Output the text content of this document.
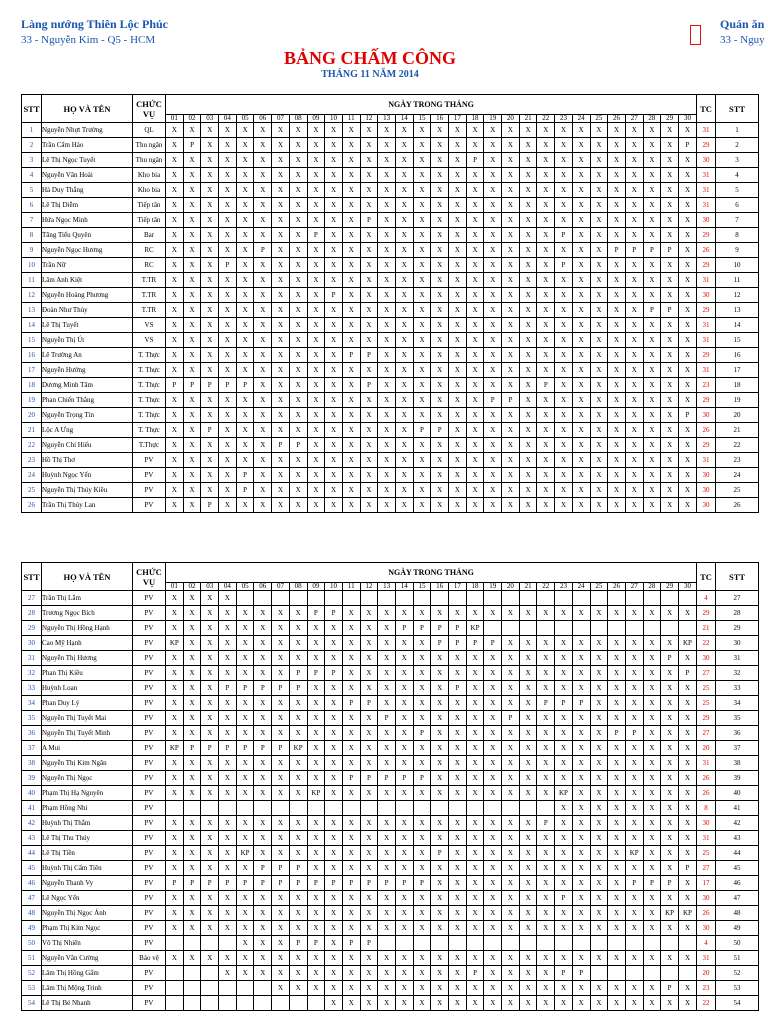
Làng nướng Thiên Lộc Phúc
33 - Nguyễn Kim - Q5 - HCM
Quán ăn
33 - Nguy
BẢNG CHẤM CÔNG
THÁNG 11 NĂM 2014
STT	HỌ VÀ TÊN	CHỨC
VỤ	NGÀY TRONG THÁNG																														TC	STT
			01	02	03	04	05	06	07	08	09	10	11	12	13	14	15	16	17	18	19	20	21	22	23	24	25	26	27	28	29	30		
1	Nguyễn Nhựt Trường	QL	X	X	X	X	X	X	X	X	X	X	X	X	X	X	X	X	X	X	X	X	X	X	X	X	X	X	X	X	X	X	31	1
2	Trần Cẩm Hảo	Thu ngân	X	P	X	X	X	X	X	X	X	X	X	X	X	X	X	X	X	X	X	X	X	X	X	X	X	X	X	X	X	P	29	2
3	Lê Thị Ngọc Tuyết	Thu ngân	X	X	X	X	X	X	X	X	X	X	X	X	X	X	X	X	X	P	X	X	X	X	X	X	X	X	X	X	X	X	30	3
4	Nguyễn Văn Hoài	Kho bia	X	X	X	X	X	X	X	X	X	X	X	X	X	X	X	X	X	X	X	X	X	X	X	X	X	X	X	X	X	X	31	4
5	Hà Duy Thắng	Kho bia	X	X	X	X	X	X	X	X	X	X	X	X	X	X	X	X	X	X	X	X	X	X	X	X	X	X	X	X	X	X	31	5
6	Lê Thị Diễm	Tiếp tân	X	X	X	X	X	X	X	X	X	X	X	X	X	X	X	X	X	X	X	X	X	X	X	X	X	X	X	X	X	X	31	6
7	Hứa Ngọc Minh	Tiếp tân	X	X	X	X	X	X	X	X	X	X	X	P	X	X	X	X	X	X	X	X	X	X	X	X	X	X	X	X	X	X	30	7
8	Tăng Tiểu Quyên	Bar	X	X	X	X	X	X	X	X	P	X	X	X	X	X	X	X	X	X	X	X	X	X	P	X	X	X	X	X	X	X	29	8
9	Nguyễn Ngọc Hương	RC	X	X	X	X	X	P	X	X	X	X	X	X	X	X	X	X	X	X	X	X	X	X	X	X	X	P	P	P	P	X	26	9
10	Trần Nữ	RC	X	X	X	P	X	X	X	X	X	X	X	X	X	X	X	X	X	X	X	X	X	X	P	X	X	X	X	X	X	X	29	10
11	Lâm Anh Kiệt	T.TR	X	X	X	X	X	X	X	X	X	X	X	X	X	X	X	X	X	X	X	X	X	X	X	X	X	X	X	X	X	X	31	11
12	Nguyễn Hoàng Phương	T.TR	X	X	X	X	X	X	X	X	X	P	X	X	X	X	X	X	X	X	X	X	X	X	X	X	X	X	X	X	X	X	30	12
13	Đoàn Như Thủy	T.TR	X	X	X	X	X	X	X	X	X	X	X	X	X	X	X	X	X	X	X	X	X	X	X	X	X	X	X	P	P	X	29	13
14	Lê Thị Tuyết	VS	X	X	X	X	X	X	X	X	X	X	X	X	X	X	X	X	X	X	X	X	X	X	X	X	X	X	X	X	X	X	31	14
15	Nguyễn Thị Út	VS	X	X	X	X	X	X	X	X	X	X	X	X	X	X	X	X	X	X	X	X	X	X	X	X	X	X	X	X	X	X	31	15
16	Lê Trường An	T. Thực	X	X	X	X	X	X	X	X	X	X	P	P	X	X	X	X	X	X	X	X	X	X	X	X	X	X	X	X	X	X	29	16
17	Nguyễn Hướng	T. Thực	X	X	X	X	X	X	X	X	X	X	X	X	X	X	X	X	X	X	X	X	X	X	X	X	X	X	X	X	X	X	31	17
18	Dương Minh Tâm	T. Thực	P	P	P	P	P	X	X	X	X	X	X	P	X	X	X	X	X	X	X	X	X	P	X	X	X	X	X	X	X	X	23	18
19	Phan Chiến Thắng	T. Thực	X	X	X	X	X	X	X	X	X	X	X	X	X	X	X	X	X	X	P	P	X	X	X	X	X	X	X	X	X	X	29	19
20	Nguyễn Trọng Tín	T. Thực	X	X	X	X	X	X	X	X	X	X	X	X	X	X	X	X	X	X	X	X	X	X	X	X	X	X	X	X	X	P	30	20
21	Lộc A Ưng	T. Thực	X	X	P	X	X	X	X	X	X	X	X	X	X	X	P	P	X	X	X	X	X	X	X	X	X	X	X	X	X	X	26	21
22	Nguyễn Chí Hiếu	T.Thực	X	X	X	X	X	X	P	P	X	X	X	X	X	X	X	X	X	X	X	X	X	X	X	X	X	X	X	X	X	X	29	22
23	Hồ Thị Thơ	PV	X	X	X	X	X	X	X	X	X	X	X	X	X	X	X	X	X	X	X	X	X	X	X	X	X	X	X	X	X	X	31	23
24	Huỳnh Ngọc Yến	PV	X	X	X	X	P	X	X	X	X	X	X	X	X	X	X	X	X	X	X	X	X	X	X	X	X	X	X	X	X	X	30	24
25	Nguyễn Thị Thúy Kiều	PV	X	X	X	X	P	X	X	X	X	X	X	X	X	X	X	X	X	X	X	X	X	X	X	X	X	X	X	X	X	X	30	25
26	Trần Thị Thúy Lan	PV	X	X	P	X	X	X	X	X	X	X	X	X	X	X	X	X	X	X	X	X	X	X	X	X	X	X	X	X	X	X	30	26
STT	HỌ VÀ TÊN	CHỨC
VỤ	NGÀY TRONG THÁNG																														TC	STT
			01	02	03	04	05	06	07	08	09	10	11	12	13	14	15	16	17	18	19	20	21	22	23	24	25	26	27	28	29	30		
27	Trần Thị Lắm	PV	X	X	X	X																											4	27
28	Trương Ngọc Bích	PV	X	X	X	X	X	X	X	X	P	P	X	X	X	X	X	X	X	X	X	X	X	X	X	X	X	X	X	X	X	X	29	28
29	Nguyễn Thị Hồng Hạnh	PV	X	X	X	X	X	X	X	X	X	X	X	X	X	P	P	P	P	KP													21	29
30	Cao Mỹ Hạnh	PV	KP	X	X	X	X	X	X	X	X	X	X	X	X	X	X	P	P	P	P	X	X	X	X	X	X	X	X	X	X	KP	22	30
31	Nguyễn Thị Hương	PV	X	X	X	X	X	X	X	X	X	X	X	X	X	X	X	X	X	X	X	X	X	X	X	X	X	X	X	X	P	X	30	31
32	Phan Thị Kiều	PV	X	X	X	X	X	X	X	P	P	P	X	X	X	X	X	X	X	X	X	X	X	X	X	X	X	X	X	X	X	P	27	32
33	Huỳnh Loan	PV	X	X	X	P	P	P	P	P	X	X	X	X	X	X	X	X	P	X	X	X	X	X	X	X	X	X	X	X	X	X	25	33
34	Phan Duy Lý	PV	X	X	X	X	X	X	X	X	X	X	P	P	X	X	X	X	X	X	X	X	X	P	P	P	X	X	X	X	X	X	25	34
35	Nguyễn Thị Tuyết Mai	PV	X	X	X	X	X	X	X	X	X	X	X	X	P	X	X	X	X	X	X	P	X	X	X	X	X	X	X	X	X	X	29	35
36	Nguyễn Thị Tuyết Minh	PV	X	X	X	X	X	X	X	X	X	X	X	X	X	X	P	X	X	X	X	X	X	X	X	X	X	P	P	X	X	X	27	36
37	A Mui	PV	KP	P	P	P	P	P	P	KP	X	X	X	X	X	X	X	X	X	X	X	X	X	X	X	X	X	X	X	X	X	X	20	37
38	Nguyễn Thị Kim Ngân	PV	X	X	X	X	X	X	X	X	X	X	X	X	X	X	X	X	X	X	X	X	X	X	X	X	X	X	X	X	X	X	31	38
39	Nguyễn Thị Ngọc	PV	X	X	X	X	X	X	X	X	X	X	P	P	P	P	P	X	X	X	X	X	X	X	X	X	X	X	X	X	X	X	26	39
40	Phạm Thị Hạ Nguyên	PV	X	X	X	X	X	X	X	X	KP	X	X	X	X	X	X	X	X	X	X	X	X	X	KP	X	X	X	X	X	X	X	26	40
41	Phạm Hồng Nhi	PV																							X	X	X	X	X	X	X	X	8	41
42	Huỳnh Thị Thắm	PV	X	X	X	X	X	X	X	X	X	X	X	X	X	X	X	X	X	X	X	X	X	P	X	X	X	X	X	X	X	X	30	42
43	Lê Thị Thu Thúy	PV	X	X	X	X	X	X	X	X	X	X	X	X	X	X	X	X	X	X	X	X	X	X	X	X	X	X	X	X	X	X	31	43
44	Lê Thị Tiền	PV	X	X	X	X	KP	X	X	X	X	X	X	X	X	X	X	P	X	X	X	X	X	X	X	X	X	X	KP	X	X	X	25	44
45	Huỳnh Thị Cẩm Tiên	PV	X	X	X	X	X	P	P	P	X	X	X	X	X	X	X	X	X	X	X	X	X	X	X	X	X	X	X	X	X	P	27	45
46	Nguyễn Thanh Vy	PV	P	P	P	P	P	P	P	P	P	P	P	P	P	P	P	X	X	X	X	X	X	X	X	X	X	X	P	P	P	X	17	46
47	Lê Ngọc Yến	PV	X	X	X	X	X	X	X	X	X	X	X	X	X	X	X	X	X	X	X	X	X	X	P	X	X	X	X	X	X	X	30	47
48	Nguyễn Thị Ngọc Ánh	PV	X	X	X	X	X	X	X	X	X	X	X	X	X	X	X	X	X	X	X	X	X	X	X	X	X	X	X	X	KP	KP	26	48
49	Phạm Thị Kim Ngọc	PV	X	X	X	X	X	X	X	X	X	X	X	X	X	X	X	X	X	X	X	X	X	X	X	X	X	X	X	X	X	X	30	49
50	Võ Thị Nhiên	PV					X	X	X	P	P	X	P	P																			4	50
51	Nguyễn Văn Cường	Bảo vệ	X	X	X	X	X	X	X	X	X	X	X	X	X	X	X	X	X	X	X	X	X	X	X	X	X	X	X	X	X	X	31	51
52	Lâm Thị Hồng Gấm	PV				X	X	X	X	X	X	X	X	X	X	X	X	X	X	P	X	X	X	X	P	P							20	52
53	Lâm Thị Mộng Trinh	PV							X	X	X	X	X	X	X	X	X	X	X	X	X	X	X	X	X	X	X	X	X	X	P	X	23	53
54	Lê Thị Bé Nhanh	PV										X	X	X	X	X	X	X	X	X	X	X	X	X	X	X	X	X	X	X	X	X	22	54
